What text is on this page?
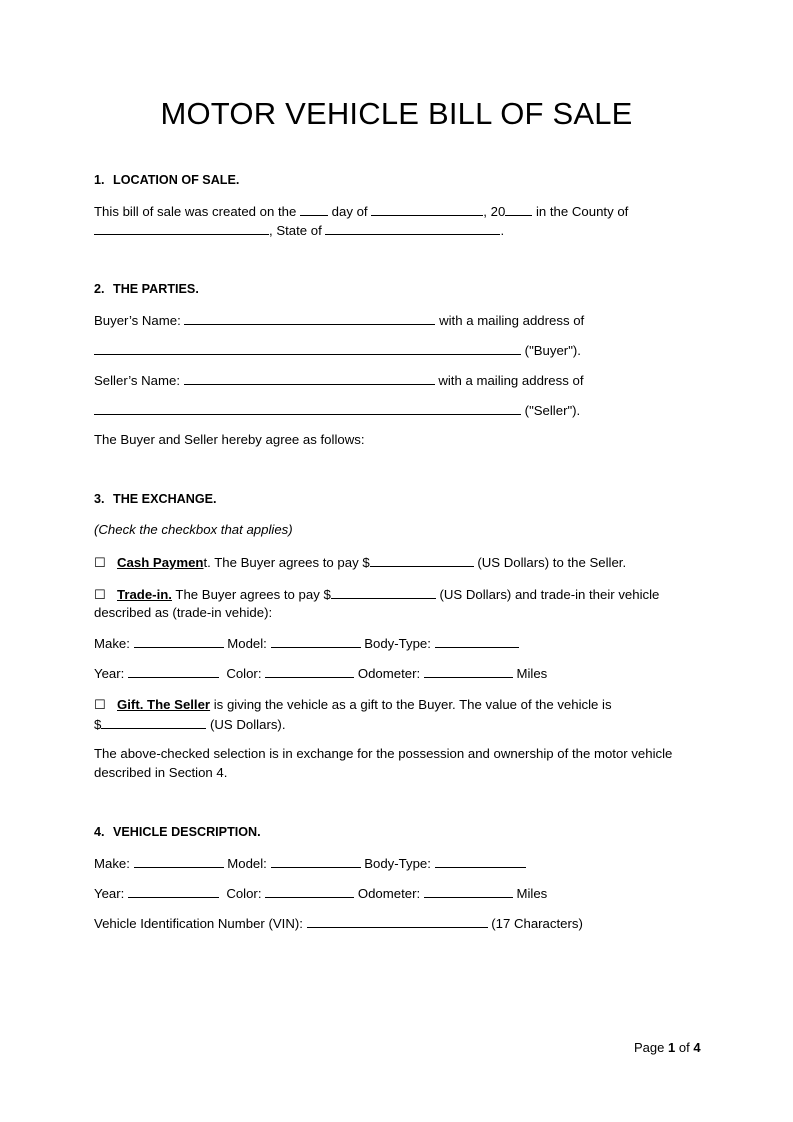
MOTOR VEHICLE BILL OF SALE
1. LOCATION OF SALE.
This bill of sale was created on the	day of	, 20 in the County of
, State of	.
2. THE PARTIES.
Buyer’s Name:	with a mailing address of
("Buyer").
Seller’s Name:	with a mailing address of
("Seller").
The Buyer and Seller hereby agree as follows:
3. THE EXCHANGE.
(Check the checkbox that applies)
☐ Cash Payment. The Buyer agrees to pay $	(US Dollars) to the Seller.
☐ Trade-in. The Buyer agrees to pay $	(US Dollars) and trade-in their vehicle
described as (trade-in vehide):
Make:	Model:	Body-Type:
Year:	Color:	Odometer:	Miles
☐ Gift. The Seller is giving the vehicle as a gift to the Buyer. The value of the vehicle is
$	(US Dollars).
The above-checked selection is in exchange for the possession and ownership of the motor vehicle
described in Section 4.
4. VEHICLE DESCRIPTION.
Make:	Model:	Body-Type:
Year:	Color:	Odometer:	Miles
Vehicle Identification Number (VIN):	(17 Characters)
Page 1 of 4
